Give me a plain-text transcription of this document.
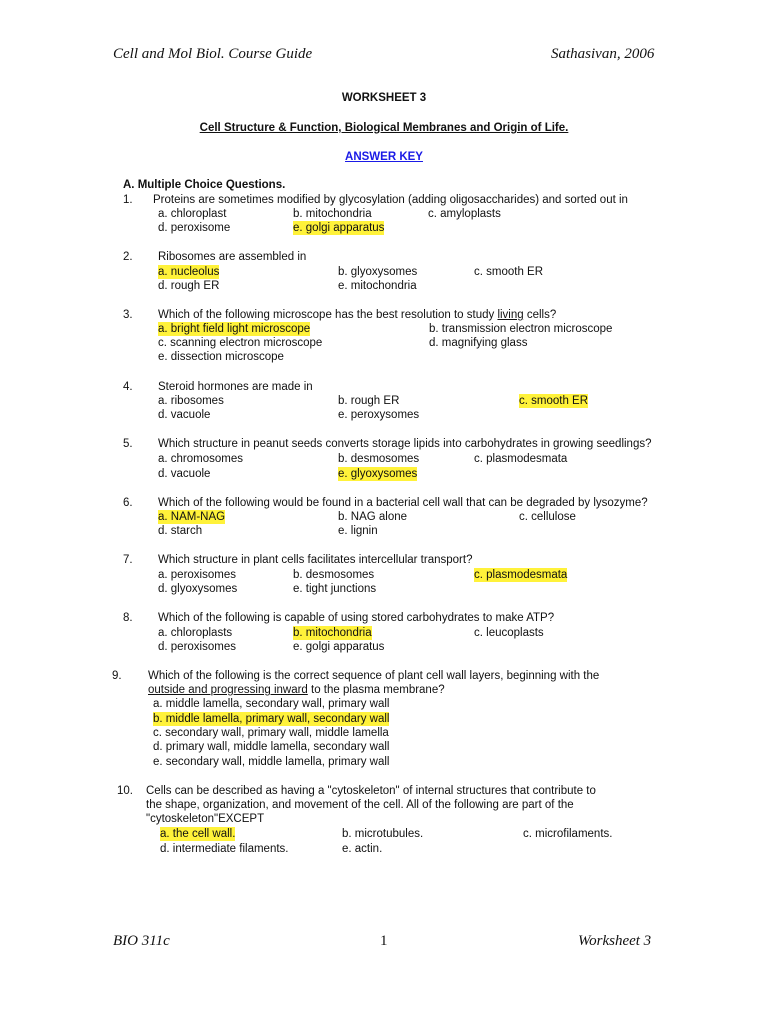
Cell and Mol Biol. Course Guide	Sathasivan, 2006
WORKSHEET 3
Cell Structure & Function, Biological Membranes and Origin of Life.
ANSWER KEY
A. Multiple Choice Questions.
1. Proteins are sometimes modified by glycosylation (adding oligosaccharides) and sorted out in
a. chloroplast	b. mitochondria	c. amyloplasts
d. peroxisome	e. golgi apparatus
2. Ribosomes are assembled in
a. nucleolus	b. glyoxysomes	c. smooth ER
d. rough ER	e. mitochondria
3. Which of the following microscope has the best resolution to study living cells?
a. bright field light microscope	b. transmission electron microscope
c. scanning electron microscope	d. magnifying glass
e. dissection microscope
4. Steroid hormones are made in
a. ribosomes	b. rough ER	c. smooth ER
d. vacuole	e. peroxysomes
5. Which structure in peanut seeds converts storage lipids into carbohydrates in growing seedlings?
a. chromosomes	b. desmosomes	c. plasmodesmata
d. vacuole	e. glyoxysomes
6. Which of the following would be found in a bacterial cell wall that can be degraded by lysozyme?
a. NAM-NAG	b. NAG alone	c. cellulose
d. starch	e. lignin
7. Which structure in plant cells facilitates intercellular transport?
a. peroxisomes	b. desmosomes	c. plasmodesmata
d. glyoxysomes	e. tight junctions
8. Which of the following is capable of using stored carbohydrates to make ATP?
a. chloroplasts	b. mitochondria	c. leucoplasts
d. peroxisomes	e. golgi apparatus
9. Which of the following is the correct sequence of plant cell wall layers, beginning with the
outside and progressing inward to the plasma membrane?
a. middle lamella, secondary wall, primary wall
b. middle lamella, primary wall, secondary wall
c. secondary wall, primary wall, middle lamella
d. primary wall, middle lamella, secondary wall
e. secondary wall, middle lamella, primary wall
10. Cells can be described as having a "cytoskeleton" of internal structures that contribute to
the shape, organization, and movement of the cell. All of the following are part of the
"cytoskeleton"EXCEPT
a. the cell wall.	b. microtubules.	c. microfilaments.
d. intermediate filaments.	e. actin.
BIO 311c	1	Worksheet 3
